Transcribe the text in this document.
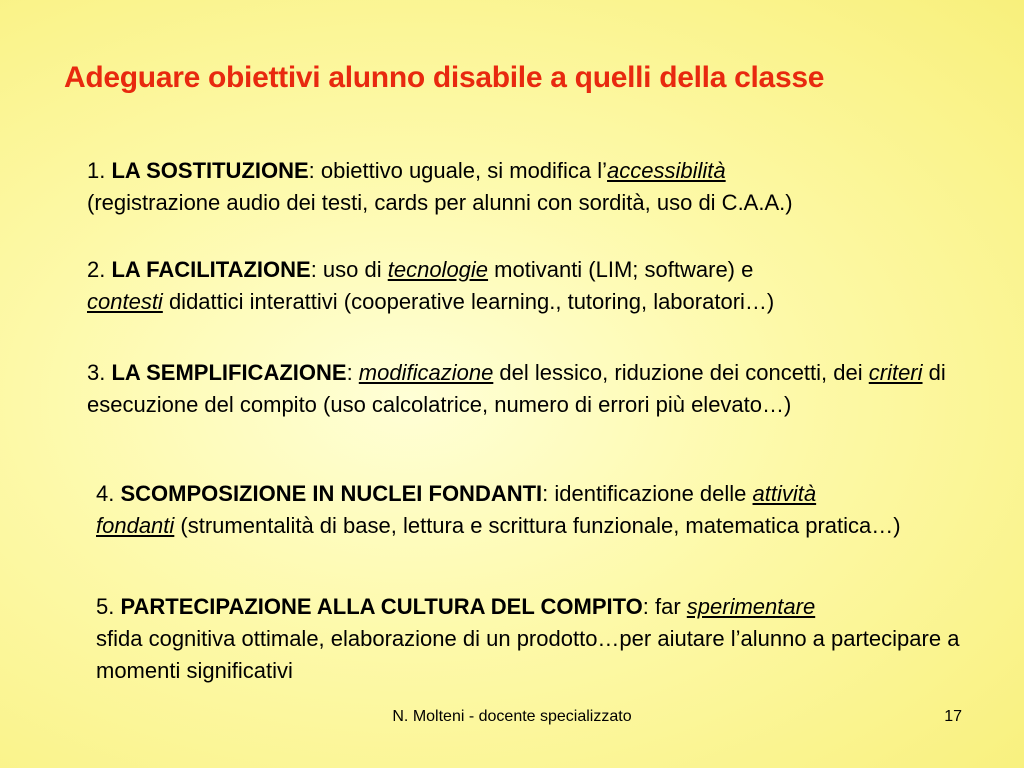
Adeguare obiettivi alunno disabile a quelli della classe

1. LA SOSTITUZIONE: obiettivo uguale, si modifica l’accessibilità
(registrazione audio dei testi, cards per alunni con sordità, uso di C.A.A.)

2. LA FACILITAZIONE: uso di tecnologie motivanti (LIM; software) e
contesti didattici interattivi (cooperative learning., tutoring, laboratori…)

3. LA SEMPLIFICAZIONE: modificazione del lessico, riduzione dei concetti, dei criteri di esecuzione del compito (uso calcolatrice, numero di errori più elevato…)

4. SCOMPOSIZIONE IN NUCLEI FONDANTI: identificazione delle attività
fondanti (strumentalità di base, lettura e scrittura funzionale, matematica pratica…)

5. PARTECIPAZIONE ALLA CULTURA DEL COMPITO: far sperimentare
sfida cognitiva ottimale, elaborazione di un prodotto…per aiutare l’alunno a partecipare a momenti significativi

N. Molteni - docente specializzato	17
